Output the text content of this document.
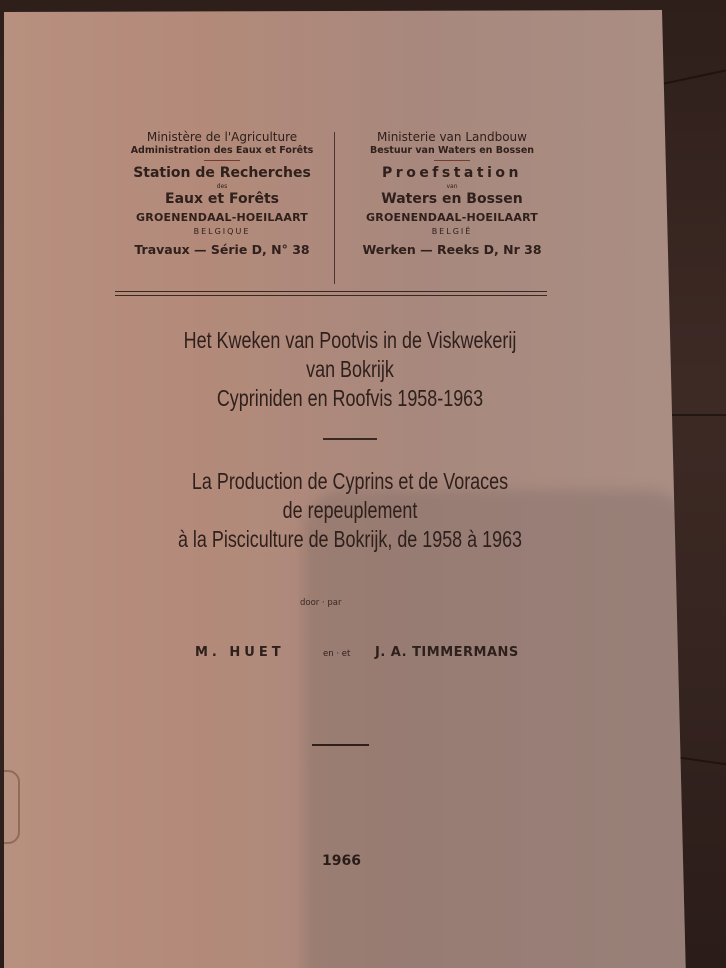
Ministère de l'Agriculture
Administration des Eaux et Forêts
Station de Recherches
des
Eaux et Forêts
GROENENDAAL-HOEILAART
BELGIQUE
Travaux — Série D, N° 38
Ministerie van Landbouw
Bestuur van Waters en Bossen
Proefstation
van
Waters en Bossen
GROENENDAAL-HOEILAART
BELGIË
Werken — Reeks D, Nr 38
Het Kweken van Pootvis in de Viskwekerij
van Bokrijk
Cypriniden en Roofvis 1958-1963
La Production de Cyprins et de Voraces
de repeuplement
à la Pisciculture de Bokrijk, de 1958 à 1963
door · par
M. HUET	en · et J. A. TIMMERMANS
1966
